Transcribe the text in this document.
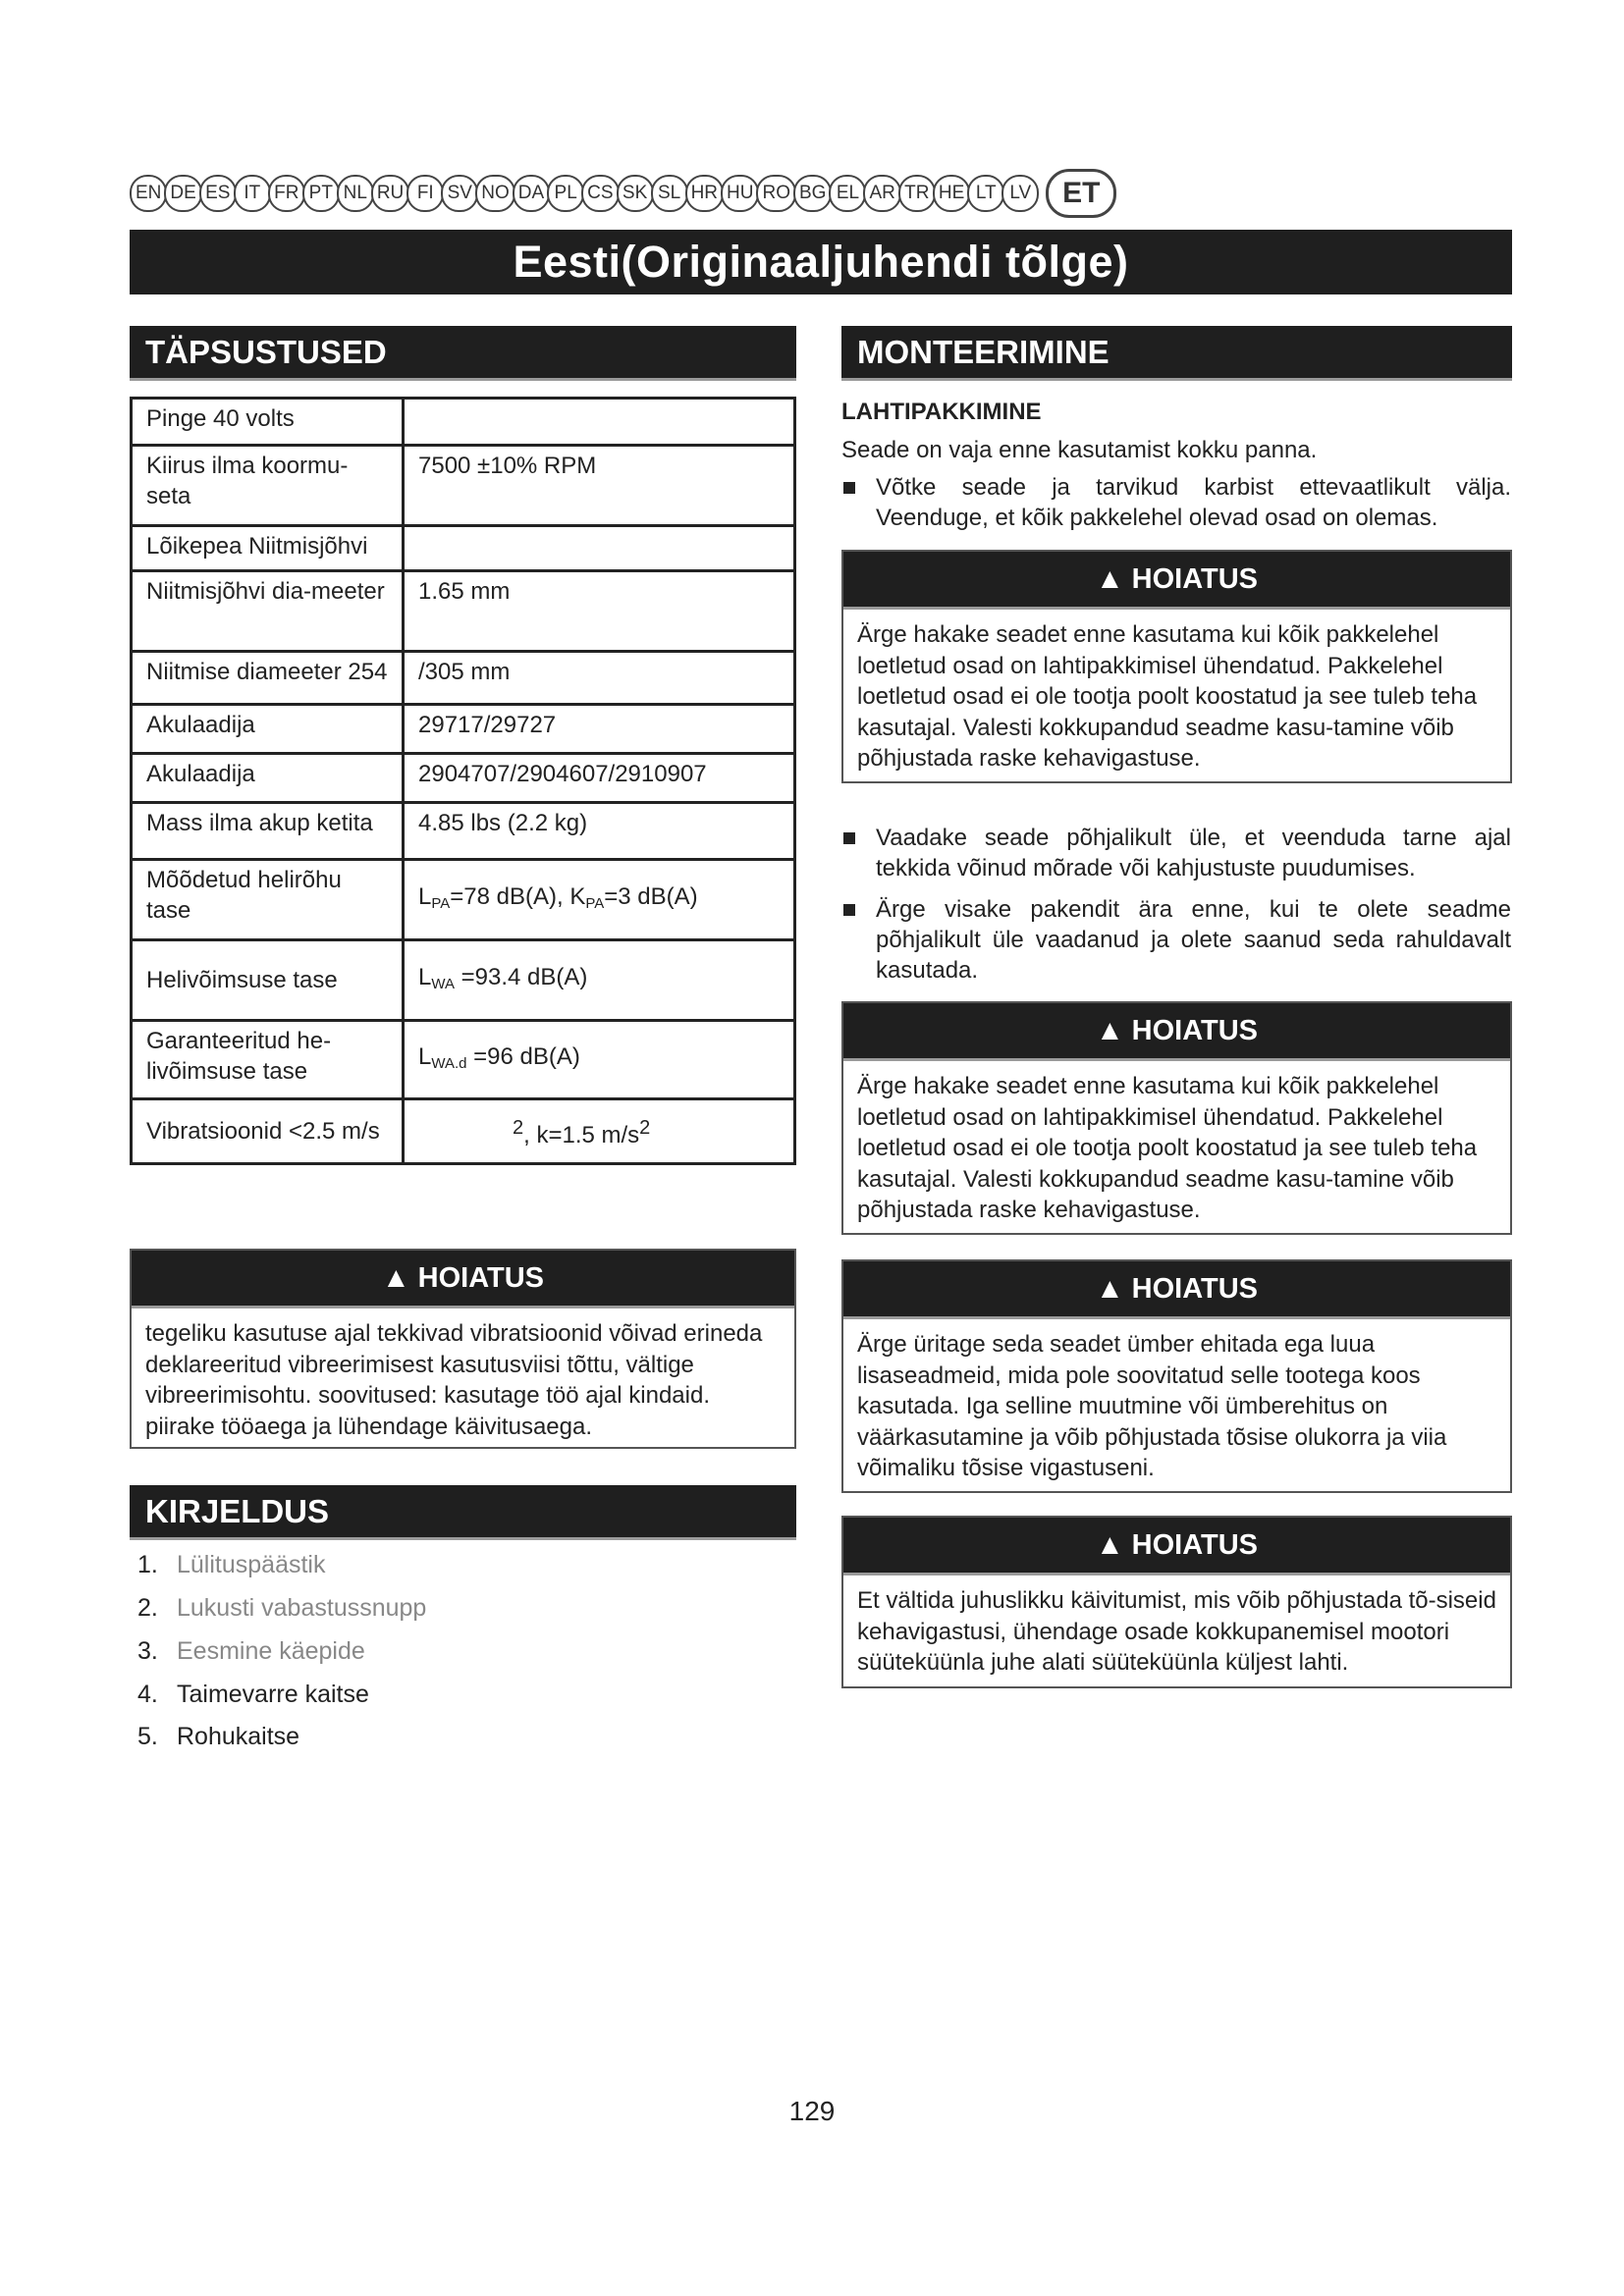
EN DE ES IT FR PT NL RU FI SV NO DA PL CS SK SL HR HU RO BG EL AR TR HE LT LV	ET
Eesti(Originaaljuhendi tõlge)
TÄPSUSTUSED
Pinge 40 volts	
Kiirus ilma koormu-seta	7500 ±10% RPM
Lõikepea Niitmisjõhvi	
Niitmisjõhvi dia-meeter	1.65 mm
Niitmise diameeter 254	/305 mm
Akulaadija	29717/29727
Akulaadija	2904707/2904607/2910907
Mass ilma akup ketita	4.85 lbs (2.2 kg)
Mõõdetud helirõhu tase	$L_{PA}=78$ dB(A), $K_{PA}=3$ dB(A)
Helivõimsuse tase	$L_{WA} =93.4$ dB(A)
Garanteeritud he-livõimsuse tase	$L_{WA.d} =96$ dB(A)
Vibratsioonid <2.5 m/s	$^2$, k=1.5 $m/s^2$
▲ HOIATUS
tegeliku kasutuse ajal tekkivad vibratsioonid võivad erineda deklareeritud vibreerimisest kasutusviisi tõttu, vältige vibreerimisohtu. soovitused: kasutage töö ajal kindaid. piirake tööaega ja lühendage käivitusaega.
KIRJELDUS
1. Lülituspäästik
2. Lukusti vabastussnupp
3. Eesmine käepide
4. Taimevarre kaitse
5. Rohukaitse
MONTEERIMINE
LAHTIPAKKIMINE
Seade on vaja enne kasutamist kokku panna.
Võtke seade ja tarvikud karbist ettevaatlikult välja. Veenduge, et kõik pakkelehel olevad osad on olemas.
▲ HOIATUS
Ärge hakake seadet enne kasutama kui kõik pakkelehel loetletud osad on lahtipakkimisel ühendatud. Pakkelehel loetletud osad ei ole tootja poolt koostatud ja see tuleb teha kasutajal. Valesti kokkupandud seadme kasu-tamine võib põhjustada raske kehavigastuse.
Vaadake seade põhjalikult üle, et veenduda tarne ajal tekkida võinud mõrade või kahjustuste puudumises.
Ärge visake pakendit ära enne, kui te olete seadme põhjalikult üle vaadanud ja olete saanud seda rahuldavalt kasutada.
▲ HOIATUS
Ärge hakake seadet enne kasutama kui kõik pakkelehel loetletud osad on lahtipakkimisel ühendatud. Pakkelehel loetletud osad ei ole tootja poolt koostatud ja see tuleb teha kasutajal. Valesti kokkupandud seadme kasu-tamine võib põhjustada raske kehavigastuse.
▲ HOIATUS
Ärge üritage seda seadet ümber ehitada ega luua lisaseadmeid, mida pole soovitatud selle tootega koos kasutada. Iga selline muutmine või ümberehitus on väärkasutamine ja võib põhjustada tõsise olukorra ja viia võimaliku tõsise vigastuseni.
▲ HOIATUS
Et vältida juhuslikku käivitumist, mis võib põhjustada tõ-siseid kehavigastusi, ühendage osade kokkupanemisel mootori süüteküünla juhe alati süüteküünla küljest lahti.
129
